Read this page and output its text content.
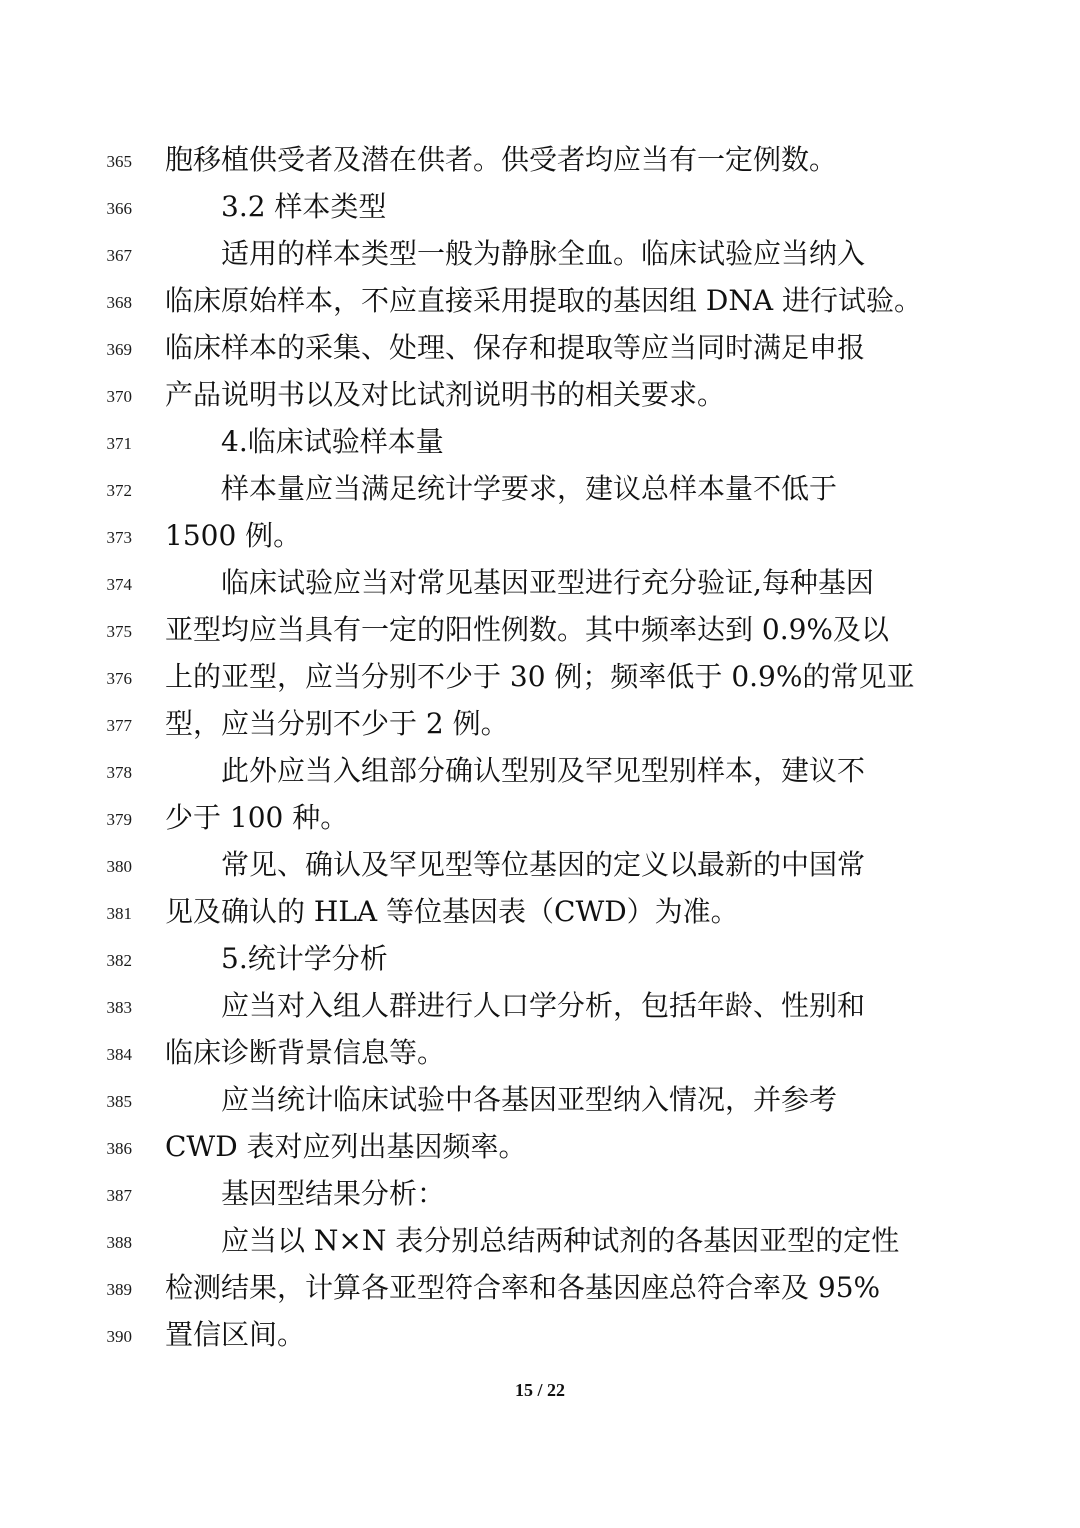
365 胞移植供受者及潜在供者。供受者均应当有一定例数。
366	3.2 样本类型
367	适用的样本类型一般为静脉全血。临床试验应当纳入
368 临床原始样本，不应直接采用提取的基因组 DNA 进行试验。
369 临床样本的采集、处理、保存和提取等应当同时满足申报
370 产品说明书以及对比试剂说明书的相关要求。
371	4.临床试验样本量
372	样本量应当满足统计学要求，建议总样本量不低于
373 1500 例。
374	临床试验应当对常见基因亚型进行充分验证,每种基因
375 亚型均应当具有一定的阳性例数。其中频率达到 0.9%及以
376 上的亚型，应当分别不少于 30 例；频率低于 0.9%的常见亚
377 型，应当分别不少于 2 例。
378	此外应当入组部分确认型别及罕见型别样本，建议不
379 少于 100 种。
380	常见、确认及罕见型等位基因的定义以最新的中国常
381 见及确认的 HLA 等位基因表（CWD）为准。
382	5.统计学分析
383	应当对入组人群进行人口学分析，包括年龄、性别和
384 临床诊断背景信息等。
385	应当统计临床试验中各基因亚型纳入情况，并参考
386 CWD 表对应列出基因频率。
387	基因型结果分析：
388	应当以 N×N 表分别总结两种试剂的各基因亚型的定性
389 检测结果，计算各亚型符合率和各基因座总符合率及 95%
390 置信区间。
15 / 22
